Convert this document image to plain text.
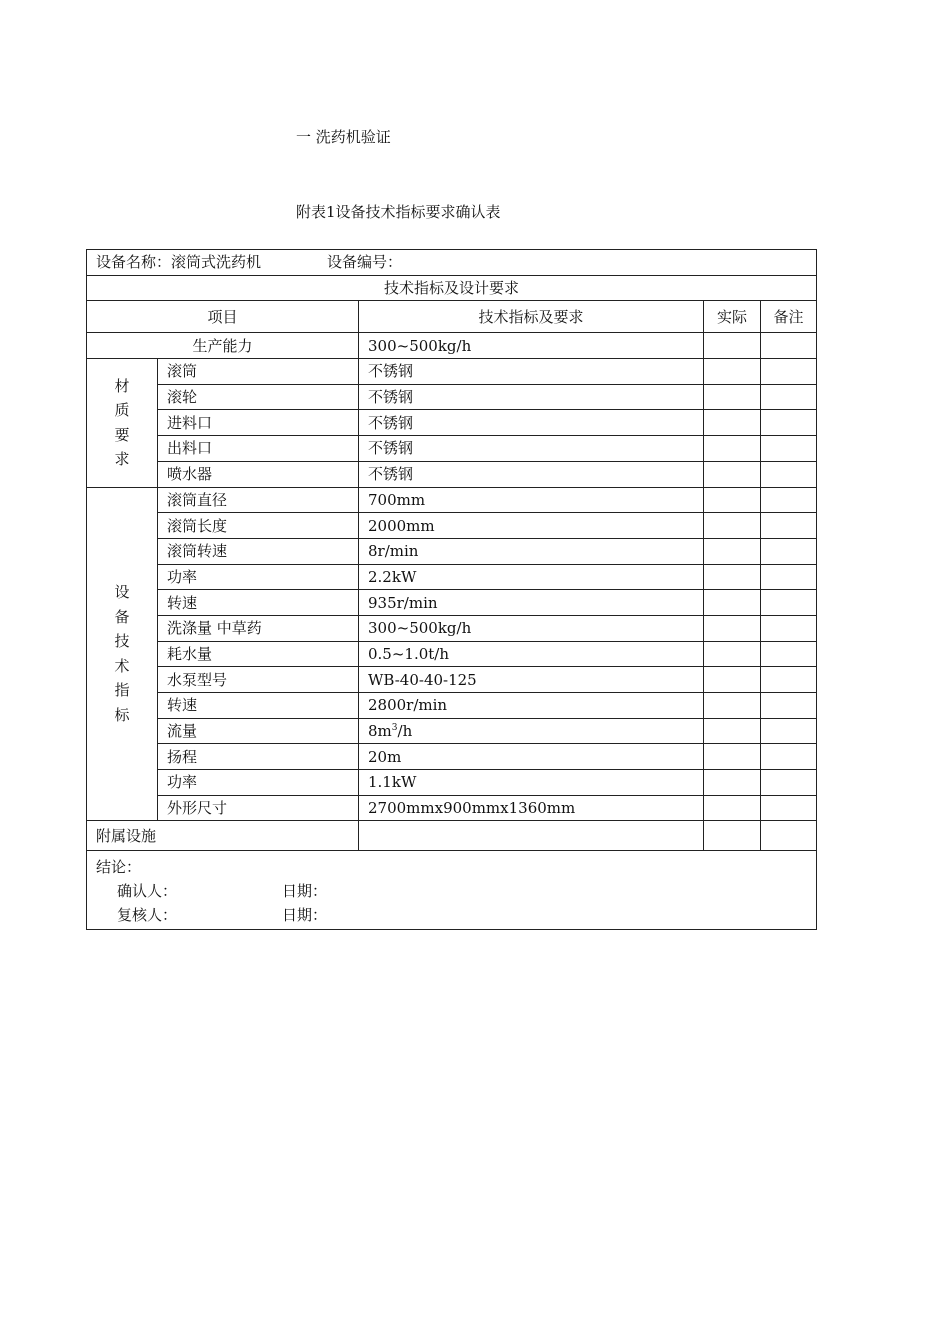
一 洗药机验证
附表1设备技术指标要求确认表
设备名称：滚筒式洗药机 设备编号：				
技术指标及设计要求				
项目		技术指标及要求	实际	备注
生产能力		300~500kg/h		
材质要求	滚筒	不锈钢		
	滚轮	不锈钢		
	进料口	不锈钢		
	出料口	不锈钢		
	喷水器	不锈钢		
设备技术指标	滚筒直径	700mm		
	滚筒长度	2000mm		
	滚筒转速	8r/min		
	功率	2.2kW		
	转速	935r/min		
	洗涤量 中草药	300~500kg/h		
	耗水量	0.5~1.0t/h		
	水泵型号	WB-40-40-125		
	转速	2800r/min		
	流量	$8m^3/h$		
	扬程	20m		
	功率	1.1kW		
	外形尺寸	2700mmx900mmx1360mm		
附属设施				

结论：
确认人： 日期：
复核人： 日期：				
